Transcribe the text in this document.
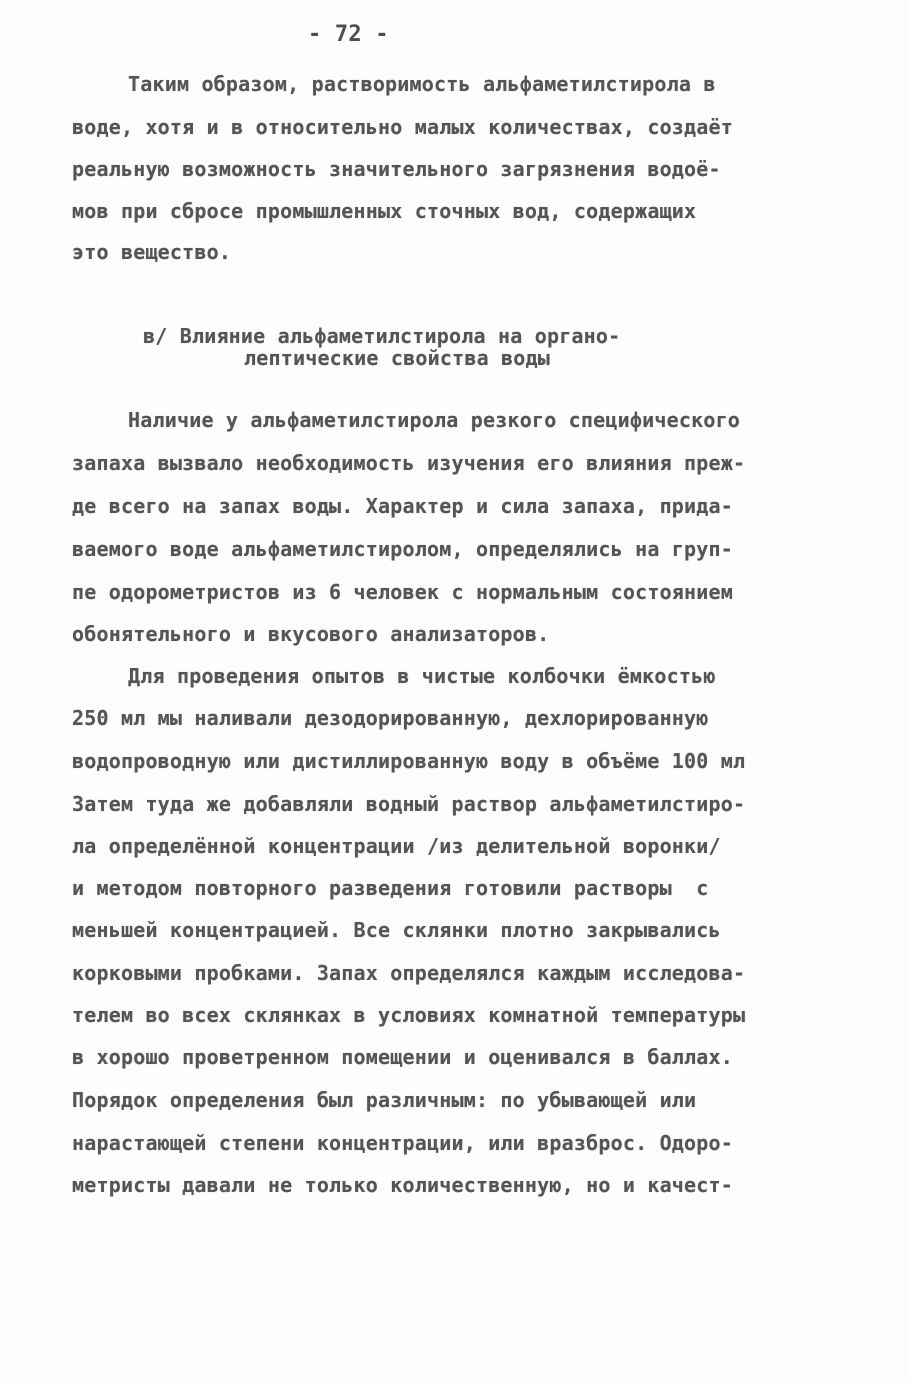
- 72 -
Таким образом, растворимость альфаметилстирола в
воде, хотя и в относительно малых количествах, создаёт
реальную возможность значительного загрязнения водоё-
мов при сбросе промышленных сточных вод, содержащих
это вещество.
в/ Влияние альфаметилстирола на органо-
лептические свойства воды
Наличие у альфаметилстирола резкого специфического
запаха вызвало необходимость изучения его влияния преж-
де всего на запах воды. Характер и сила запаха, прида-
ваемого воде альфаметилстиролом, определялись на груп-
пе одорометристов из 6 человек с нормальным состоянием
обонятельного и вкусового анализаторов.
Для проведения опытов в чистые колбочки ёмкостью
250 мл мы наливали дезодорированную, дехлорированную
водопроводную или дистиллированную воду в объёме 100 мл
Затем туда же добавляли водный раствор альфаметилстиро-
ла определённой концентрации /из делительной воронки/
и методом повторного разведения готовили растворы  с
меньшей концентрацией. Все склянки плотно закрывались
корковыми пробками. Запах определялся каждым исследова-
телем во всех склянках в условиях комнатной температуры
в хорошо проветренном помещении и оценивался в баллах.
Порядок определения был различным: по убывающей или
нарастающей степени концентрации, или вразброс. Одоро-
метристы давали не только количественную, но и качест-
